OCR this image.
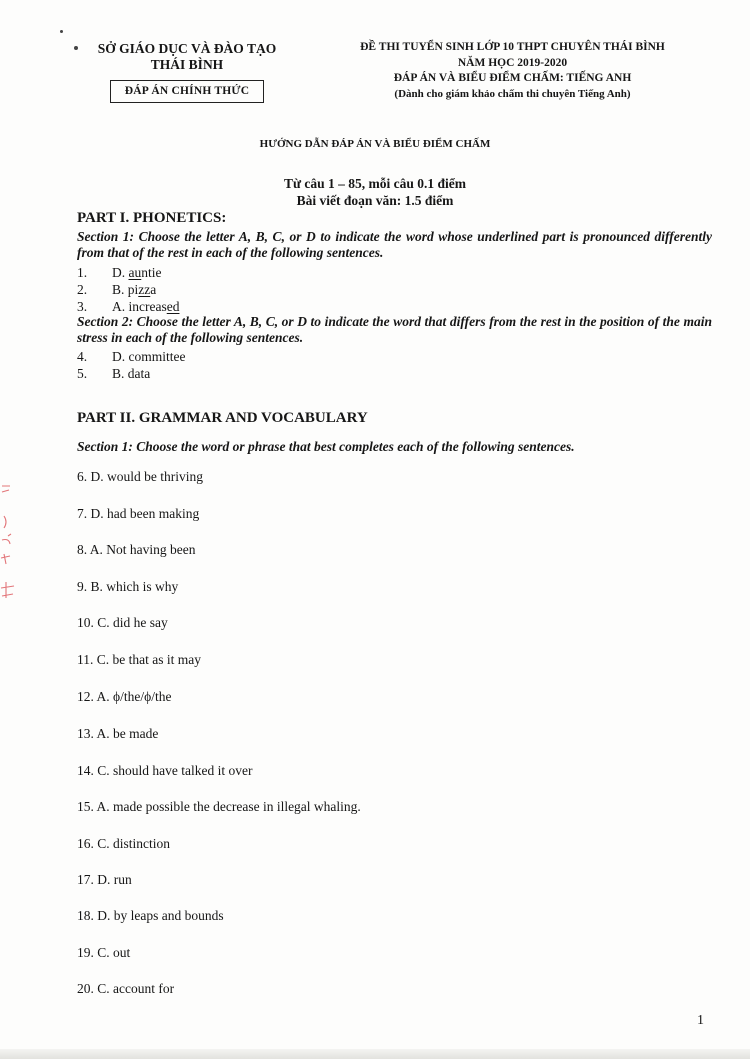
SỞ GIÁO DỤC VÀ ĐÀO TẠO
THÁI BÌNH
ĐÁP ÁN CHÍNH THỨC
ĐỀ THI TUYỂN SINH LỚP 10 THPT CHUYÊN THÁI BÌNH
NĂM HỌC 2019-2020
ĐÁP ÁN VÀ BIỂU ĐIỂM CHẤM: TIẾNG ANH
(Dành cho giám khảo chấm thi chuyên Tiếng Anh)
HƯỚNG DẪN ĐÁP ÁN VÀ BIỂU ĐIỂM CHẤM
Từ câu 1 – 85, mỗi câu 0.1 điểm
Bài viết đoạn văn: 1.5 điểm
PART I. PHONETICS:
Section 1: Choose the letter A, B, C, or D to indicate the word whose underlined part is pronounced differently from that of the rest in each of the following sentences.
1. D. auntie
2. B. pizza
3. A. increased
Section 2: Choose the letter A, B, C, or D to indicate the word that differs from the rest in the position of the main stress in each of the following sentences.
4. D. committee
5. B. data
PART II. GRAMMAR AND VOCABULARY
Section 1: Choose the word or phrase that best completes each of the following sentences.
6. D. would be thriving
7. D. had been making
8. A. Not having been
9. B. which is why
10. C. did he say
11. C. be that as it may
12. A. ϕ/the/ϕ/the
13. A. be made
14. C. should have talked it over
15. A. made possible the decrease in illegal whaling.
16. C. distinction
17. D. run
18. D. by leaps and bounds
19. C. out
20. C. account for
1
